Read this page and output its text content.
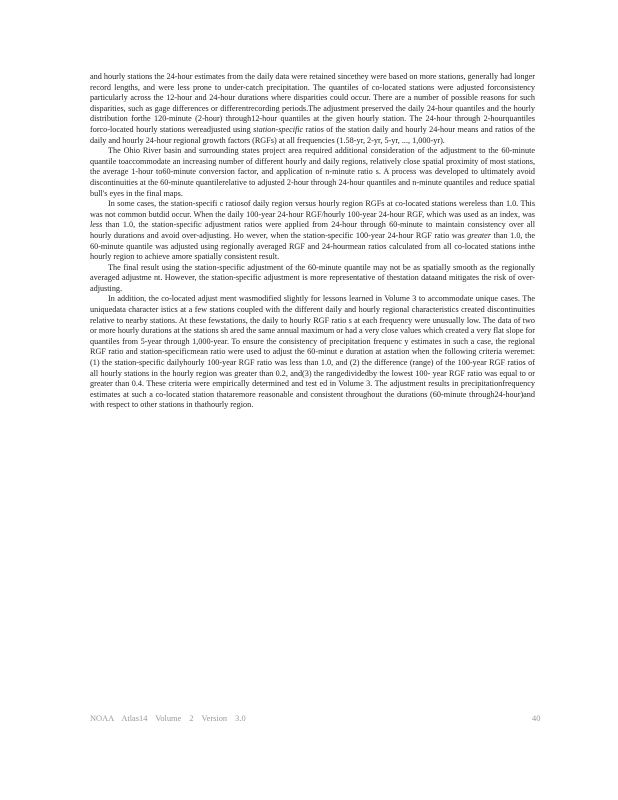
and hourly stations the 24-hour estimates from the daily data were retained sincethey were based on more stations, generally had longer record lengths, and were less prone to under-catch precipitation. The quantiles of co-located stations were adjusted forconsistency particularly across the 12-hour and 24-hour durations where disparities could occur. There are a number of possible reasons for such disparities, such as gage differences or differentrecording periods.The adjustment preserved the daily 24-hour quantiles and the hourly distribution forthe 120-minute (2-hour) through12-hour quantiles at the given hourly station. The 24-hour through 2-hourquantiles forco-located hourly stations wereadjusted using station-specific ratios of the station daily and hourly 24-hour means and ratios of the daily and hourly 24-hour regional growth factors (RGFs) at all frequencies (1.58-yr, 2-yr, 5-yr, ..., 1,000-yr).

The Ohio River basin and surrounding states project area required additional consideration of the adjustment to the 60-minute quantile toaccommodate an increasing number of different hourly and daily regions, relatively close spatial proximity of most stations, the average 1-hour to60-minute conversion factor, and application of n-minute ratio s. A process was developed to ultimately avoid discontinuities at the 60-minute quantilerelative to adjusted 2-hour through 24-hour quantiles and n-minute quantiles and reduce spatial bull's eyes in the final maps.

In some cases, the station-specifi c ratiosof daily region versus hourly region RGFs at co-located stations wereless than 1.0. This was not common butdid occur. When the daily 100-year 24-hour RGF/hourly 100-year 24-hour RGF, which was used as an index, was less than 1.0, the station-specific adjustment ratios were applied from 24-hour through 60-minute to maintain consistency over all hourly durations and avoid over-adjusting. Ho wever, when the station-specific 100-year 24-hour RGF ratio was greater than 1.0, the 60-minute quantile was adjusted using regionally averaged RGF and 24-hourmean ratios calculated from all co-located stations inthe hourly region to achieve amore spatially consistent result.

The final result using the station-specific adjustment of the 60-minute quantile may not be as spatially smooth as the regionally averaged adjustme nt. However, the station-specific adjustment is more representative of thestation dataand mitigates the risk of over-adjusting.

In addition, the co-located adjust ment wasmodified slightly for lessons learned in Volume 3 to accommodate unique cases. The uniquedata character istics at a few stations coupled with the different daily and hourly regional characteristics created discontinuities relative to nearby stations. At these fewstations, the daily to hourly RGF ratio s at each frequency were unusually low. The data of two or more hourly durations at the stations sh ared the same annual maximum or had a very close values which created a very flat slope for quantiles from 5-year through 1,000-year. To ensure the consistency of precipitation frequenc y estimates in such a case, the regional RGF ratio and station-specificmean ratio were used to adjust the 60-minut e duration at astation when the following criteria weremet: (1) the station-specific dailyhourly 100-year RGF ratio was less than 1.0, and (2) the difference (range) of the 100-year RGF ratios of all hourly stations in the hourly region was greater than 0.2, and(3) the rangedividedby the lowest 100- year RGF ratio was equal to or greater than 0.4. These criteria were empirically determined and test ed in Volume 3. The adjustment results in precipitationfrequency estimates at such a co-located station thataremore reasonable and consistent throughout the durations (60-minute through24-hour)and with respect to other stations in thathourly region.

NOAA Atlas14 Volume 2 Version 3.0	40
